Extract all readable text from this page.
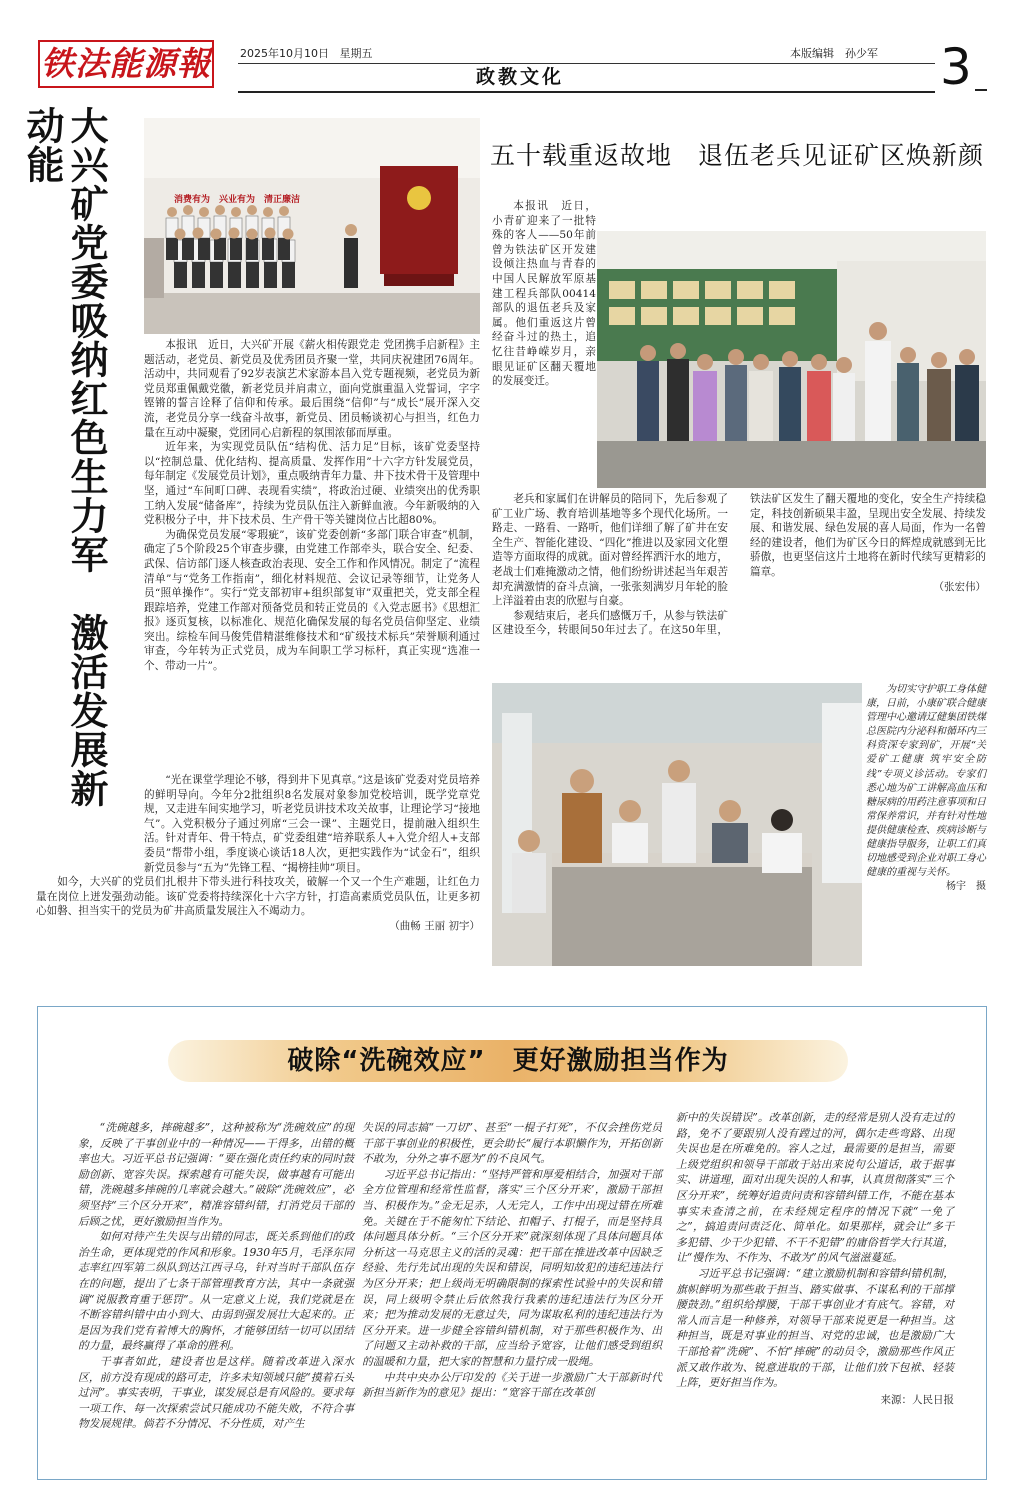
铁法能源報	2025年10月10日 星期五	本版编辑　孙少军
政教文化	3
大兴矿党委吸纳红色生力军　激活发展新动能
消费有为　兴业有为　清正廉洁

本报讯　近日，大兴矿开展《薪火相传跟党走 党团携手启新程》主题活动，老党员、新党员及优秀团员齐聚一堂，共同庆祝建团76周年。活动中，共同观看了92岁表演艺术家游本昌入党专题视频，老党员为新党员郑重佩戴党徽，新老党员并肩肃立，面向党旗重温入党誓词，字字铿锵的誓言诠释了信仰和传承。最后围绕“信仰”与“成长”展开深入交流，老党员分享一线奋斗故事，新党员、团员畅谈初心与担当，红色力量在互动中凝聚，党团同心启新程的氛围浓郁而厚重。

近年来，为实现党员队伍“结构优、活力足”目标，该矿党委坚持以“控制总量、优化结构、提高质量、发挥作用”十六字方针发展党员，每年制定《发展党员计划》，重点吸纳青年力量、井下技术骨干及管理中坚，通过“车间町口碑、表现看实绩”，将政治过硬、业绩突出的优秀职工纳入发展“储备库”，持续为党员队伍注入新鲜血液。今年新吸纳的入党积极分子中，井下技术员、生产骨干等关键岗位占比超80%。

为确保党员发展“零瑕疵”，该矿党委创新“多部门联合审查”机制，确定了5个阶段25个审查步骤，由党建工作部牵头，联合安全、纪委、武保、信访部门逐人核查政治表现、安全工作和作风情况。制定了“流程清单”与“党务工作指南”，细化材料规范、会议记录等细节，让党务人员“照单操作”。实行“党支部初审+组织部复审”双重把关，党支部全程跟踪培养，党建工作部对预备党员和转正党员的《入党志愿书》《思想汇报》逐页复核，以标准化、规范化确保发展的每名党员信仰坚定、业绩突出。综检车间马俊凭借精湛维修技术和“矿级技术标兵”荣誉顺利通过审查，今年转为正式党员，成为车间职工学习标杆，真正实现“选准一个、带动一片”。

“光在课堂学理论不够，得到井下见真章。”这是该矿党委对党员培养的鲜明导向。今年分2批组织8名发展对象参加党校培训，既学党章党规，又走进车间实地学习，听老党员讲技术攻关故事，让理论学习“接地气”。入党积极分子通过列席“三会一课”、主题党日，提前融入组织生活。针对青年、骨干特点，矿党委组建“培养联系人+入党介绍人+支部委员”帮带小组，季度谈心谈话18人次，更把实践作为“试金石”，组织新党员参与“五为”先锋工程、“揭榜挂帅”项目。

如今，大兴矿的党员们扎根井下带头进行科技攻关，破解一个又一个生产难题，让红色力量在岗位上迸发强劲动能。该矿党委将持续深化十六字方针，打造高素质党员队伍，让更多初心如磐、担当实干的党员为矿井高质量发展注入不竭动力。

（曲畅 王丽 初宇）
五十载重返故地　退伍老兵见证矿区焕新颜
本报讯　近日，小青矿迎来了一批特殊的客人——50年前曾为铁法矿区开发建设倾注热血与青春的中国人民解放军原基建工程兵部队00414部队的退伍老兵及家属。他们重返这片曾经奋斗过的热土，追忆往昔峥嵘岁月，亲眼见证矿区翻天覆地的发展变迁。

老兵和家属们在讲解员的陪同下，先后参观了矿工业广场、教育培训基地等多个现代化场所。一路走、一路看、一路听，他们详细了解了矿井在安全生产、智能化建设、“四化”推进以及家园文化塑造等方面取得的成就。面对曾经挥洒汗水的地方，老战士们难掩激动之情，他们纷纷讲述起当年艰苦却充满激情的奋斗点滴，一张张刻满岁月年轮的脸上洋溢着由衷的欣慰与自豪。

参观结束后，老兵们感慨万千，从参与铁法矿区建设至今，转眼间50年过去了。在这50年里，铁法矿区发生了翻天覆地的变化，安全生产持续稳定，科技创新硕果丰盈，呈现出安全发展、持续发展、和谐发展、绿色发展的喜人局面，作为一名曾经的建设者，他们为矿区今日的辉煌成就感到无比骄傲，也更坚信这片土地将在新时代续写更精彩的篇章。

（张宏伟）
为切实守护职工身体健康，日前，小康矿联合健康管理中心邀请辽健集团铁煤总医院内分泌科和循环内三科资深专家到矿，开展“关爱矿工健康 筑牢安全防线”专项义诊活动。专家们悉心地为矿工讲解高血压和糖尿病的用药注意事项和日常保养常识，并有针对性地提供健康检查、疾病诊断与健康指导服务，让职工们真切地感受到企业对职工身心健康的重视与关怀。
杨宇　摄
破除“洗碗效应”　更好激励担当作为

“洗碗越多，摔碗越多”，这种被称为“洗碗效应”的现象，反映了干事创业中的一种情况——干得多，出错的概率也大。习近平总书记强调：“要在强化责任约束的同时鼓励创新、宽容失误。探索越有可能失误，做事越有可能出错，洗碗越多摔碗的几率就会越大。”破除“洗碗效应”，必须坚持“三个区分开来”，精准容错纠错，打消党员干部的后顾之忧，更好激励担当作为。

如何对待产生失误与出错的同志，既关系到他们的政治生命，更体现党的作风和形象。1930年5月，毛泽东同志率红四军第二纵队到达江西寻乌，针对当时干部队伍存在的问题，提出了七条干部管理教育方法，其中一条就强调“说服教育重于惩罚”。从一定意义上说，我们党就是在不断容错纠错中由小到大、由弱到强发展壮大起来的。正是因为我们党有着博大的胸怀，才能够团结一切可以团结的力量，最终赢得了革命的胜利。

干事者如此，建设者也是这样。随着改革进入深水区，前方没有现成的路可走，许多未知领域只能“摸着石头过河”。事实表明，干事业，谋发展总是有风险的。要求每一项工作、每一次探索尝试只能成功不能失败，不符合事物发展规律。倘若不分情况、不分性质，对产生

失误的同志搞“一刀切”、甚至“一棍子打死”，不仅会挫伤党员干部干事创业的积极性，更会助长“履行本职懒作为，开拓创新不敢为，分外之事不愿为”的不良风气。

习近平总书记指出：“坚持严管和厚爱相结合，加强对干部全方位管理和经常性监督，落实‘三个区分开来’，激励干部担当、积极作为。”金无足赤，人无完人，工作中出现过错在所难免。关键在于不能匆忙下结论、扣帽子、打棍子，而是坚持具体问题具体分析。“三个区分开来”就深刻体现了具体问题具体分析这一马克思主义的活的灵魂：把干部在推进改革中因缺乏经验、先行先试出现的失误和错误，同明知故犯的违纪违法行为区分开来；把上级尚无明确限制的探索性试验中的失误和错误，同上级明令禁止后依然我行我素的违纪违法行为区分开来；把为推动发展的无意过失，同为谋取私利的违纪违法行为区分开来。进一步健全容错纠错机制，对于那些积极作为、出了问题又主动补救的干部，应当给予宽容，让他们感受到组织的温暖和力量，把大家的智慧和力量拧成一股绳。

中共中央办公厅印发的《关于进一步激励广大干部新时代新担当新作为的意见》提出：“宽容干部在改革创

新中的失误错误”。改革创新，走的经常是别人没有走过的路，免不了要跟别人没有蹚过的河，偶尔走些弯路、出现失误也是在所难免的。容人之过，最需要的是担当，需要上级党组织和领导干部敢于站出来说句公道话，敢于据事实、讲道理，面对出现失误的人和事，认真贯彻落实“三个区分开来”，统筹好追责问责和容错纠错工作，不能在基本事实未查清之前，在未经规定程序的情况下就“一免了之”，搞追责问责泛化、简单化。如果那样，就会让“多干多犯错、少干少犯错、不干不犯错”的庸俗哲学大行其道，让“慢作为、不作为、不敢为”的风气滋滋蔓延。

习近平总书记强调：“建立激励机制和容错纠错机制，旗帜鲜明为那些敢于担当、踏实做事、不谋私利的干部撑腰鼓劲。”组织给撑腰，干部干事创业才有底气。容错，对常人而言是一种修养，对领导干部来说更是一种担当。这种担当，既是对事业的担当、对党的忠诚，也是激励广大干部抢着“洗碗”、不怕“摔碗”的动员令，激励那些作风正派又敢作敢为、锐意进取的干部，让他们放下包袱、轻装上阵，更好担当作为。

来源：人民日报
